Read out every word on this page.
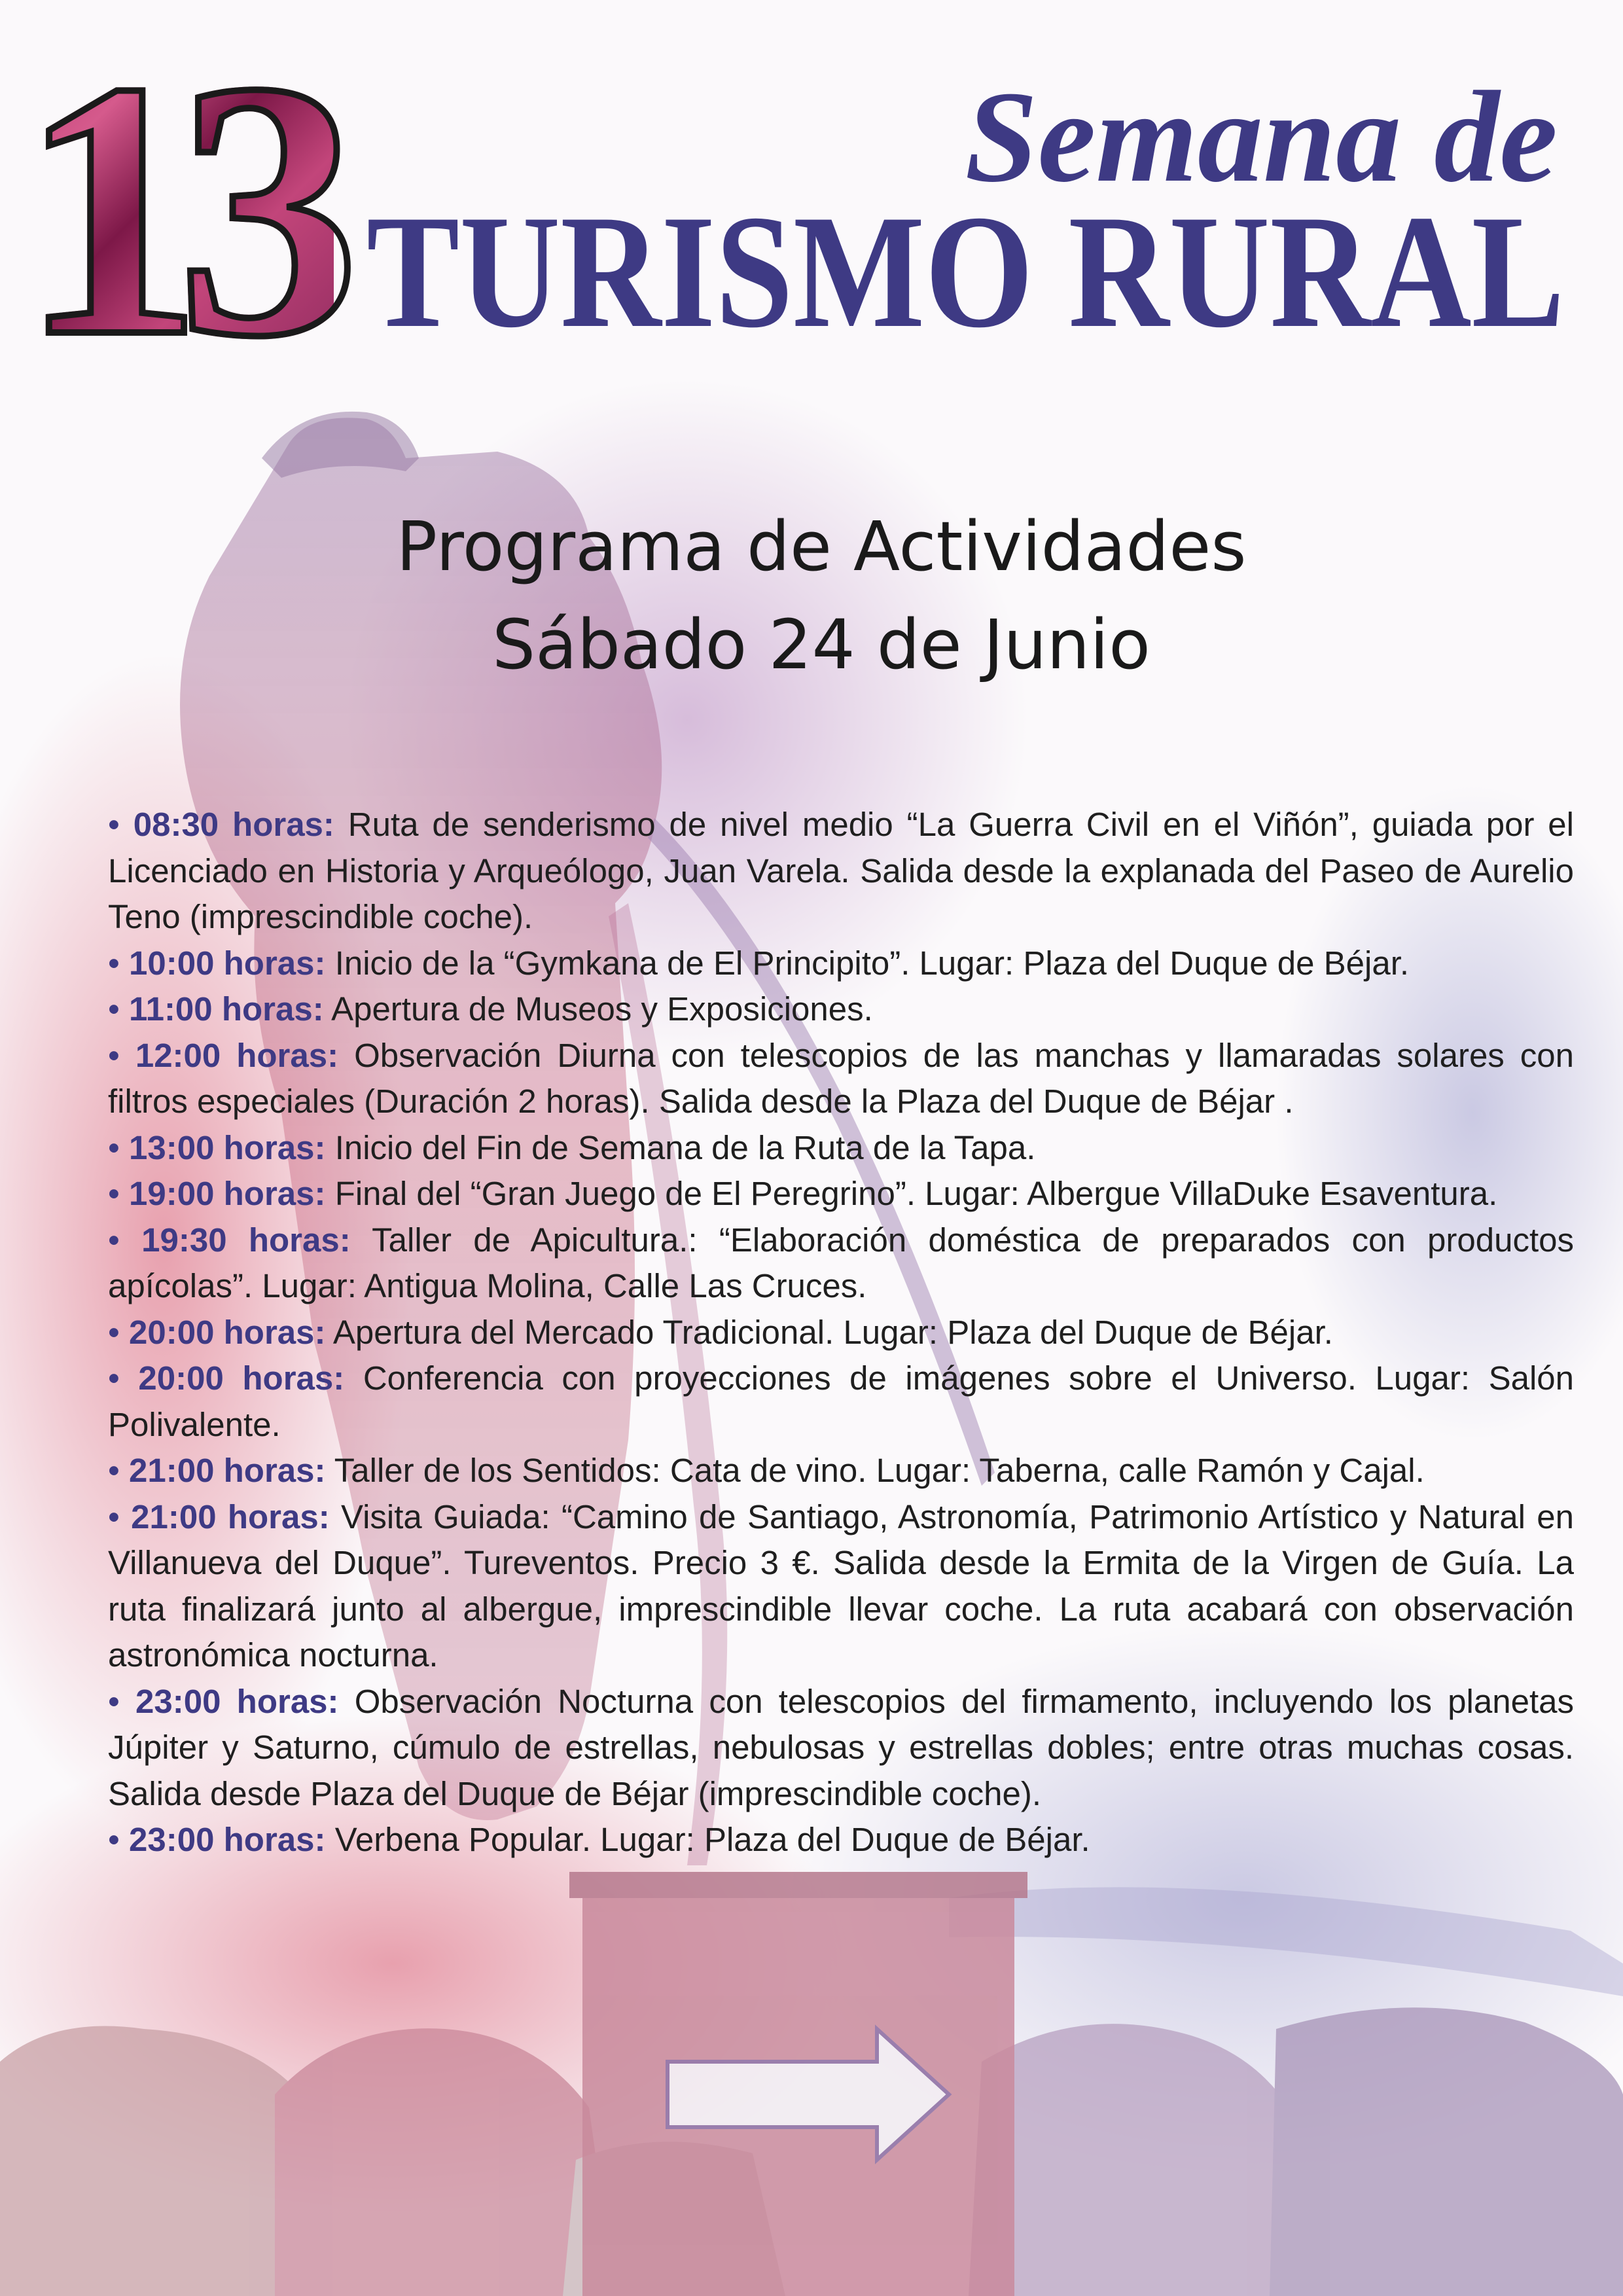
13	Semana de
TURISMO RURAL
Programa de Actividades
Sábado 24 de Junio

• 08:30 horas: Ruta de senderismo de nivel medio “La Guerra Civil en el Viñón”, guiada por el Licenciado en Historia y Arqueólogo, Juan Varela. Salida desde la explanada del Paseo de Aurelio Teno (imprescindible coche).

• 10:00 horas: Inicio de la “Gymkana de El Principito”. Lugar: Plaza del Duque de Béjar.

• 11:00 horas: Apertura de Museos y Exposiciones.

• 12:00 horas: Observación Diurna con telescopios de las manchas y llamaradas solares con filtros especiales (Duración 2 horas). Salida desde la Plaza del Duque de Béjar .

• 13:00 horas: Inicio del Fin de Semana de la Ruta de la Tapa.

• 19:00 horas: Final del “Gran Juego de El Peregrino”. Lugar: Albergue VillaDuke Esaventura.

• 19:30 horas: Taller de Apicultura.: “Elaboración doméstica de preparados con productos apícolas”. Lugar: Antigua Molina, Calle Las Cruces.

• 20:00 horas: Apertura del Mercado Tradicional. Lugar: Plaza del Duque de Béjar.

• 20:00 horas: Conferencia con proyecciones de imágenes sobre el Universo. Lugar: Salón Polivalente.

• 21:00 horas: Taller de los Sentidos: Cata de vino. Lugar: Taberna, calle Ramón y Cajal.

• 21:00 horas: Visita Guiada: “Camino de Santiago, Astronomía, Patrimonio Artístico y Natural en Villanueva del Duque”. Tureventos. Precio 3 €. Salida desde la Ermita de la Virgen de Guía. La ruta finalizará junto al albergue, imprescindible llevar coche. La ruta acabará con observación astronómica nocturna.

• 23:00 horas: Observación Nocturna con telescopios del firmamento, incluyendo los planetas Júpiter y Saturno, cúmulo de estrellas, nebulosas y estrellas dobles; entre otras muchas cosas. Salida desde Plaza del Duque de Béjar (imprescindible coche).

• 23:00 horas: Verbena Popular. Lugar: Plaza del Duque de Béjar.
